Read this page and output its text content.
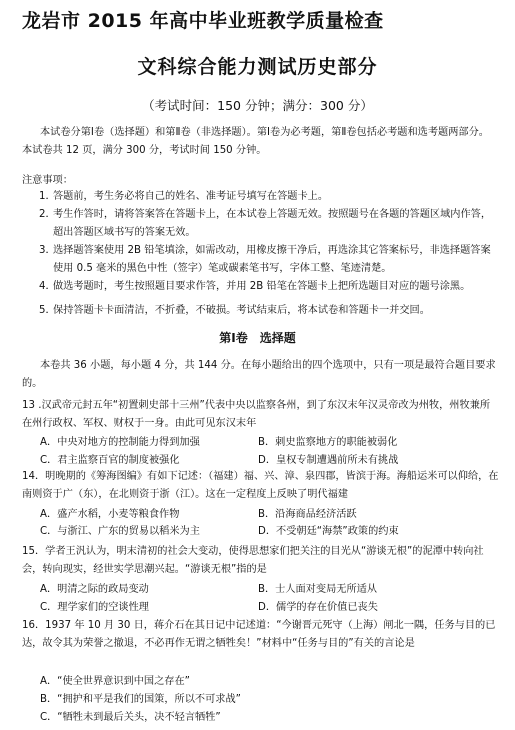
龙岩市 2015 年高中毕业班教学质量检查
文科综合能力测试历史部分
（考试时间：150 分钟；满分：300 分）
本试卷分第Ⅰ卷（选择题）和第Ⅱ卷（非选择题）。第Ⅰ卷为必考题，第Ⅱ卷包括必考题和选考题两部分。本试卷共 12 页，满分 300 分，考试时间 150 分钟。
注意事项：
1．
答题前，考生务必将自己的姓名、准考证号填写在答题卡上。
2．
考生作答时，请将答案答在答题卡上，在本试卷上答题无效。按照题号在各题的答题区域内作答，超出答题区域书写的答案无效。
3．
选择题答案使用 2B 铅笔填涂，如需改动，用橡皮擦干净后，再选涂其它答案标号，非选择题答案使用 0.5 毫米的黑色中性（签字）笔或碳素笔书写，字体工整、笔迹清楚。
4．
做选考题时，考生按照题目要求作答，并用 2B 铅笔在答题卡上把所选题目对应的题号涂黑。
5．
保持答题卡卡面清洁，不折叠，不破损。考试结束后，将本试卷和答题卡一并交回。
第Ⅰ卷　选择题
本卷共 36 小题，每小题 4 分，共 144 分。在每小题给出的四个选项中，只有一项是最符合题目要求的。
13 .汉武帝元封五年“初置刺史部十三州”代表中央以监察各州，到了东汉末年汉灵帝改为州牧，州牧兼所在州行政权、军权、财权于一身。由此可见东汉末年
A．中央对地方的控制能力得到加强	B．刺史监察地方的职能被弱化
C．君主监察百官的制度被强化	D．皇权专制遭遇前所未有挑战
14．明晚期的《筹海图编》有如下记述：（福建）福、兴、漳、泉四郡，皆滨于海。海船运米可以仰给，在南则资于广（东），在北则资于浙（江）。这在一定程度上反映了明代福建
A．盛产水稻，小麦等粮食作物	B．沿海商品经济活跃
C．与浙江、广东的贸易以稻米为主	D．不受朝廷“海禁”政策的约束
15．学者王汎认为，明末清初的社会大变动，使得思想家们把关注的目光从“游谈无根”的泥潭中转向社会，转向现实，经世实学思潮兴起。“游谈无根”指的是
A．明清之际的政局变动	B．士人面对变局无所适从
C．理学家们的空谈性理	D．儒学的存在价值已丧失
16．1937 年 10 月 30 日，蒋介石在其日记中记述道：“今谢晋元死守（上海）闸北一隅，任务与目的已达，故令其为荣誉之撤退，不必再作无谓之牺牲矣！”材料中“任务与目的”有关的言论是
A．“使全世界意识到中国之存在”
B．“拥护和平是我们的国策，所以不可求战”
C．“牺牲未到最后关头，决不轻言牺牲”
